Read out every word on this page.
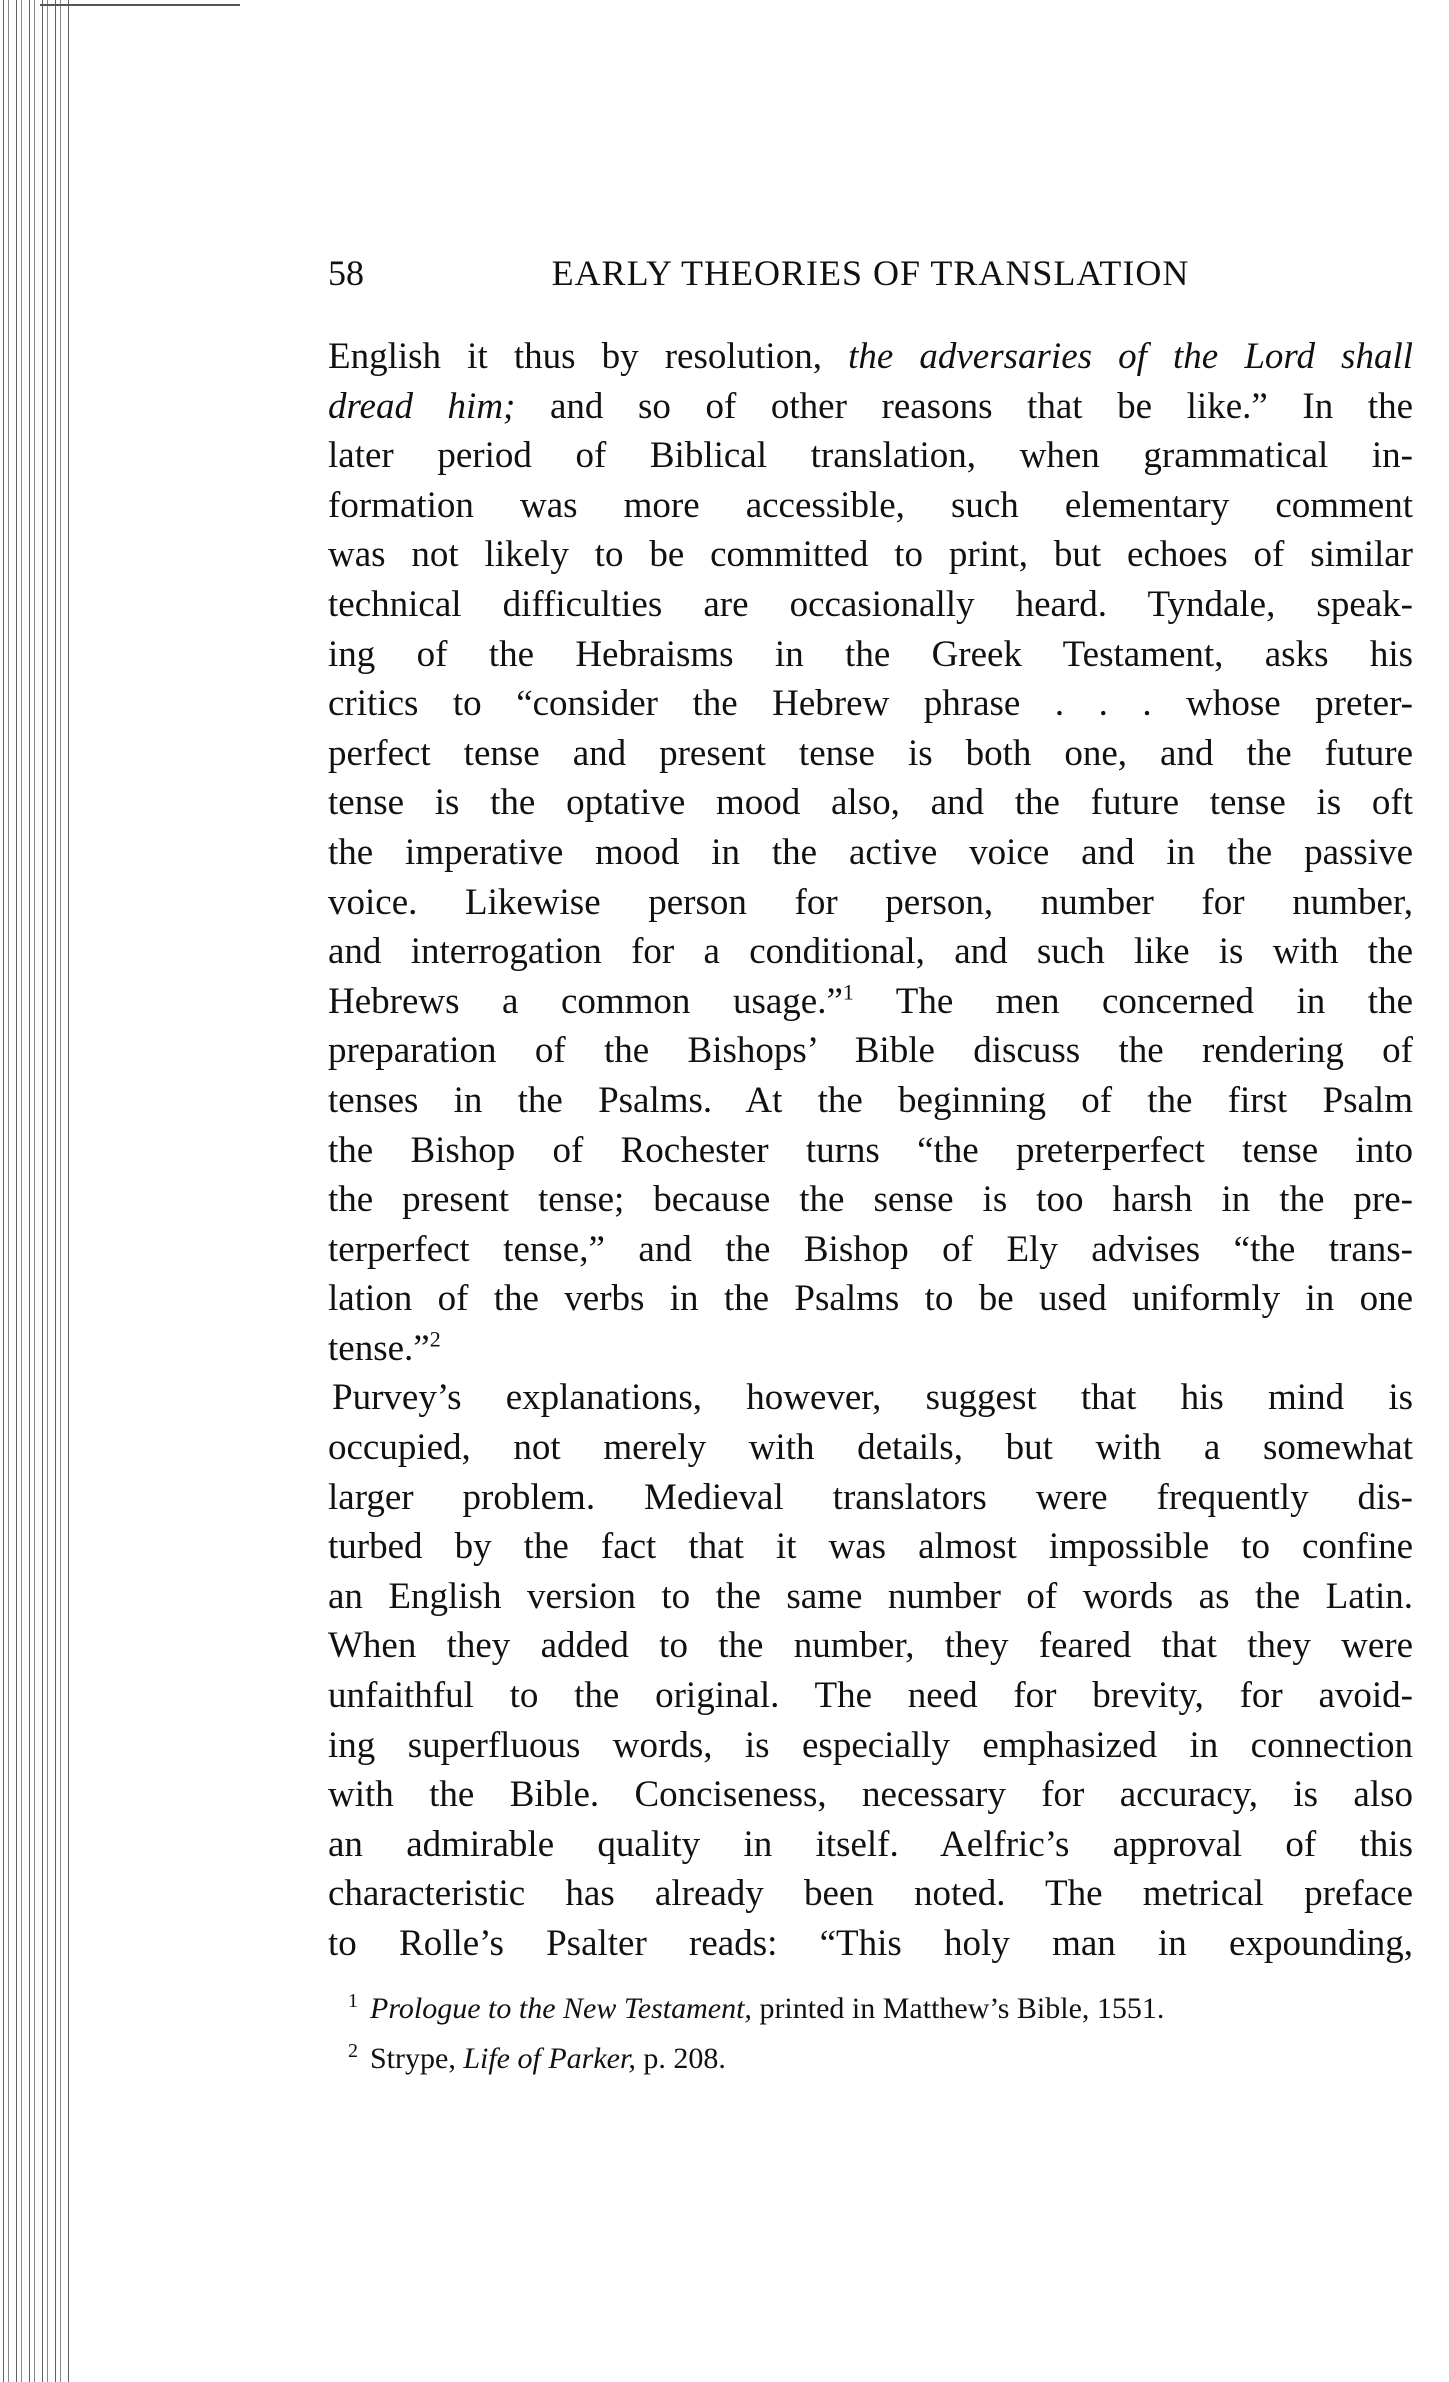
58	EARLY THEORIES OF TRANSLATION
English it thus by resolution, the adversaries of the Lord shall
dread him; and so of other reasons that be like.” In the
later period of Biblical translation, when grammatical in-
formation was more accessible, such elementary comment
was not likely to be committed to print, but echoes of similar
technical difficulties are occasionally heard. Tyndale, speak-
ing of the Hebraisms in the Greek Testament, asks his
critics to “consider the Hebrew phrase . . . whose preter-
perfect tense and present tense is both one, and the future
tense is the optative mood also, and the future tense is oft
the imperative mood in the active voice and in the passive
voice. Likewise person for person, number for number,
and interrogation for a conditional, and such like is with the
Hebrews a common usage.”$^1$ The men concerned in the
preparation of the Bishops’ Bible discuss the rendering of
tenses in the Psalms. At the beginning of the first Psalm
the Bishop of Rochester turns “the preterperfect tense into
the present tense; because the sense is too harsh in the pre-
terperfect tense,” and the Bishop of Ely advises “the trans-
lation of the verbs in the Psalms to be used uniformly in one
tense.”$^2$
Purvey’s explanations, however, suggest that his mind is
occupied, not merely with details, but with a somewhat
larger problem. Medieval translators were frequently dis-
turbed by the fact that it was almost impossible to confine
an English version to the same number of words as the Latin.
When they added to the number, they feared that they were
unfaithful to the original. The need for brevity, for avoid-
ing superfluous words, is especially emphasized in connection
with the Bible. Conciseness, necessary for accuracy, is also
an admirable quality in itself. Aelfric’s approval of this
characteristic has already been noted. The metrical preface
to Rolle’s Psalter reads: “This holy man in expounding,
$^1$ Prologue to the New Testament, printed in Matthew’s Bible, 1551.
$^2$ Strype, Life of Parker, p. 208.
